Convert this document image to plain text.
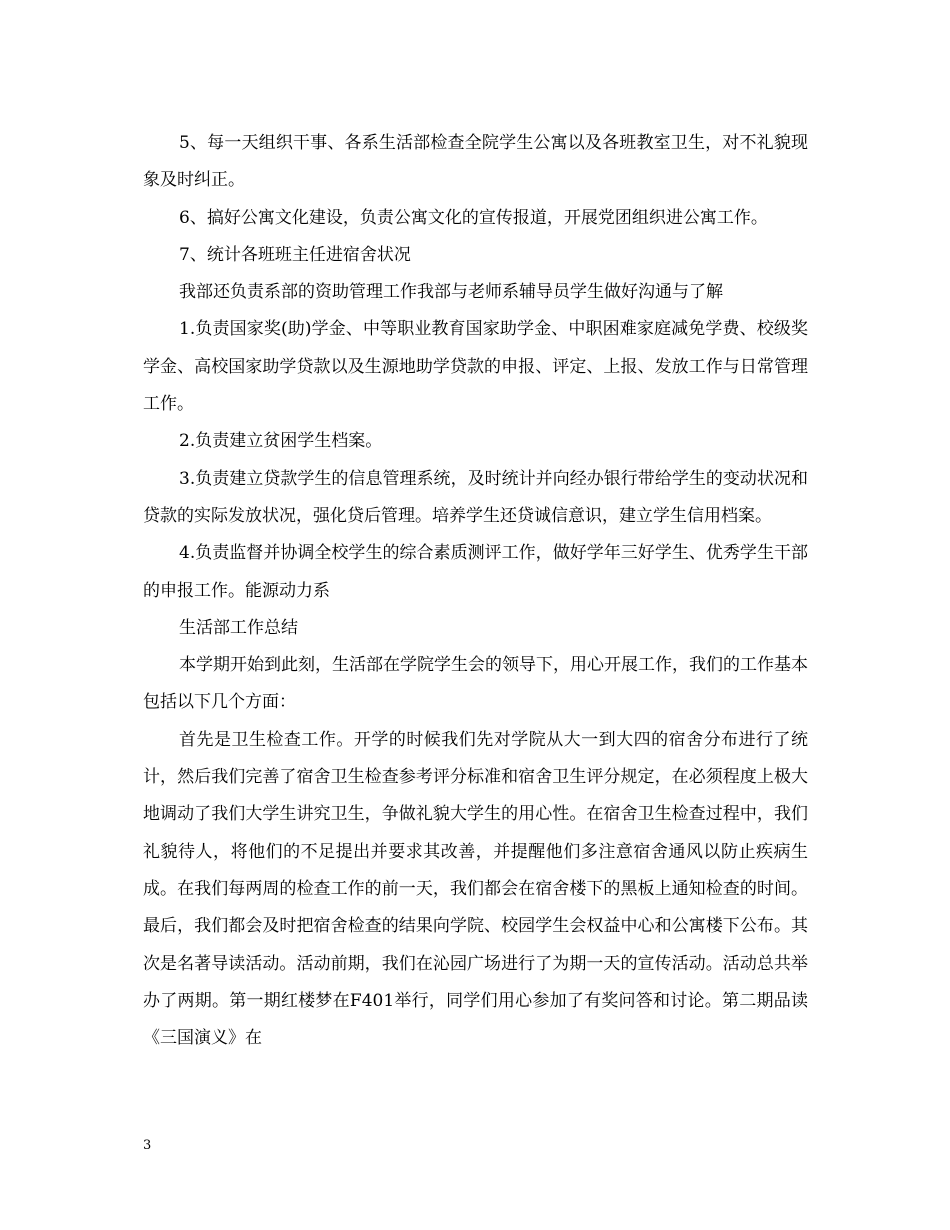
5、每一天组织干事、各系生活部检查全院学生公寓以及各班教室卫生，对不礼貌现象及时纠正。

6、搞好公寓文化建设，负责公寓文化的宣传报道，开展党团组织进公寓工作。

7、统计各班班主任进宿舍状况

我部还负责系部的资助管理工作我部与老师系辅导员学生做好沟通与了解

1.负责国家奖(助)学金、中等职业教育国家助学金、中职困难家庭减免学费、校级奖学金、高校国家助学贷款以及生源地助学贷款的申报、评定、上报、发放工作与日常管理工作。

2.负责建立贫困学生档案。

3.负责建立贷款学生的信息管理系统，及时统计并向经办银行带给学生的变动状况和贷款的实际发放状况，强化贷后管理。培养学生还贷诚信意识，建立学生信用档案。

4.负责监督并协调全校学生的综合素质测评工作，做好学年三好学生、优秀学生干部的申报工作。能源动力系

生活部工作总结

本学期开始到此刻，生活部在学院学生会的领导下，用心开展工作，我们的工作基本包括以下几个方面：

首先是卫生检查工作。开学的时候我们先对学院从大一到大四的宿舍分布进行了统计，然后我们完善了宿舍卫生检查参考评分标准和宿舍卫生评分规定，在必须程度上极大地调动了我们大学生讲究卫生，争做礼貌大学生的用心性。在宿舍卫生检查过程中，我们礼貌待人，将他们的不足提出并要求其改善，并提醒他们多注意宿舍通风以防止疾病生成。在我们每两周的检查工作的前一天，我们都会在宿舍楼下的黑板上通知检查的时间。最后，我们都会及时把宿舍检查的结果向学院、校园学生会权益中心和公寓楼下公布。其次是名著导读活动。活动前期，我们在沁园广场进行了为期一天的宣传活动。活动总共举办了两期。第一期红楼梦在F401举行，同学们用心参加了有奖问答和讨论。第二期品读《三国演义》在

3
